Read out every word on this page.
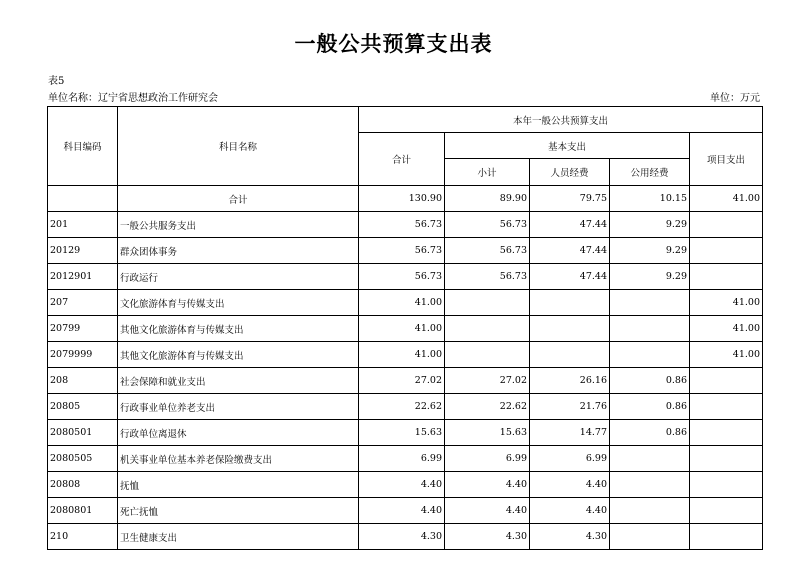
一般公共预算支出表
表5
单位名称：辽宁省思想政治工作研究会	单位：万元
科目编码	科目名称	本年一般公共预算支出				
		合计	基本支出			项目支出
			小计	人员经费	公用经费	
	合计	130.90	89.90	79.75	10.15	41.00
201	一般公共服务支出	56.73	56.73	47.44	9.29	
20129	群众团体事务	56.73	56.73	47.44	9.29	
2012901	行政运行	56.73	56.73	47.44	9.29	
207	文化旅游体育与传媒支出	41.00				41.00
20799	其他文化旅游体育与传媒支出	41.00				41.00
2079999	其他文化旅游体育与传媒支出	41.00				41.00
208	社会保障和就业支出	27.02	27.02	26.16	0.86	
20805	行政事业单位养老支出	22.62	22.62	21.76	0.86	
2080501	行政单位离退休	15.63	15.63	14.77	0.86	
2080505	机关事业单位基本养老保险缴费支出	6.99	6.99	6.99		
20808	抚恤	4.40	4.40	4.40		
2080801	死亡抚恤	4.40	4.40	4.40		
210	卫生健康支出	4.30	4.30	4.30		
